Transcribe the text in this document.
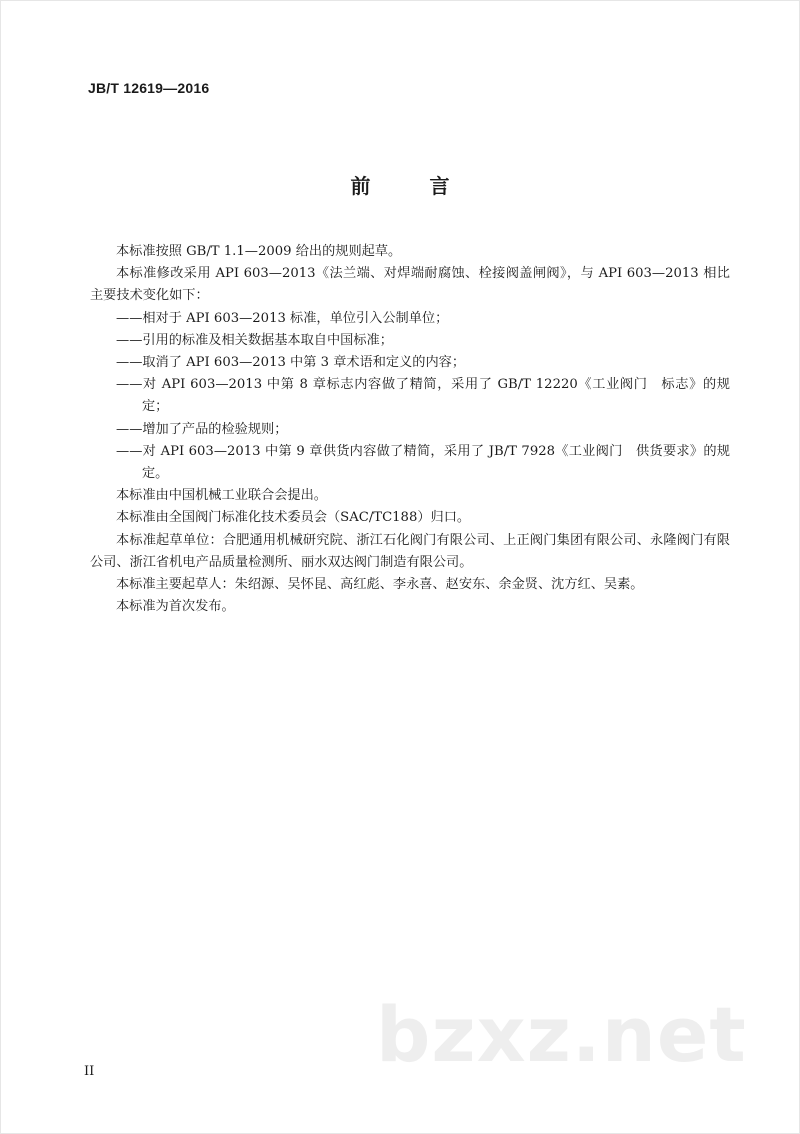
JB/T 12619—2016
前 言

本标准按照 GB/T 1.1—2009 给出的规则起草。

本标准修改采用 API 603—2013《法兰端、对焊端耐腐蚀、栓接阀盖闸阀》，与 API 603—2013 相比主要技术变化如下：

——相对于 API 603—2013 标准，单位引入公制单位；

——引用的标准及相关数据基本取自中国标准；

——取消了 API 603—2013 中第 3 章术语和定义的内容；

——对 API 603—2013 中第 8 章标志内容做了精简，采用了 GB/T 12220《工业阀门　标志》的规定；

——增加了产品的检验规则；

——对 API 603—2013 中第 9 章供货内容做了精简，采用了 JB/T 7928《工业阀门　供货要求》的规定。

本标准由中国机械工业联合会提出。

本标准由全国阀门标准化技术委员会（SAC/TC188）归口。

本标准起草单位：合肥通用机械研究院、浙江石化阀门有限公司、上正阀门集团有限公司、永隆阀门有限公司、浙江省机电产品质量检测所、丽水双达阀门制造有限公司。

本标准主要起草人：朱绍源、吴怀昆、高红彪、李永喜、赵安东、余金贤、沈方红、吴素。

本标准为首次发布。

bzxz.net
II
